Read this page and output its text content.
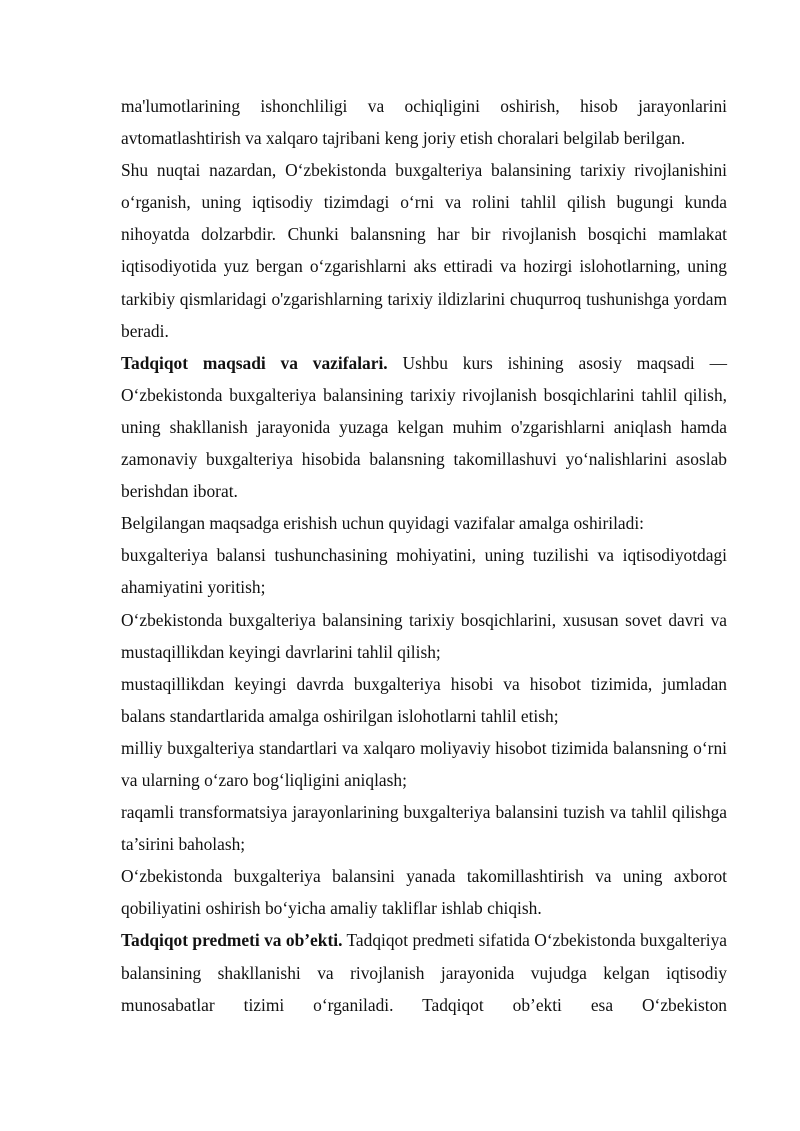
ma'lumotlarining ishonchliligi va ochiqligini oshirish, hisob jarayonlarini avtomatlashtirish va xalqaro tajribani keng joriy etish choralari belgilab berilgan.

Shu nuqtai nazardan, O‘zbekistonda buxgalteriya balansining tarixiy rivojlanishini o‘rganish, uning iqtisodiy tizimdagi o‘rni va rolini tahlil qilish bugungi kunda nihoyatda dolzarbdir. Chunki balansning har bir rivojlanish bosqichi mamlakat iqtisodiyotida yuz bergan o‘zgarishlarni aks ettiradi va hozirgi islohotlarning, uning tarkibiy qismlaridagi o'zgarishlarning tarixiy ildizlarini chuqurroq tushunishga yordam beradi.

Tadqiqot maqsadi va vazifalari. Ushbu kurs ishining asosiy maqsadi — O‘zbekistonda buxgalteriya balansining tarixiy rivojlanish bosqichlarini tahlil qilish, uning shakllanish jarayonida yuzaga kelgan muhim o'zgarishlarni aniqlash hamda zamonaviy buxgalteriya hisobida balansning takomillashuvi yo‘nalishlarini asoslab berishdan iborat.

Belgilangan maqsadga erishish uchun quyidagi vazifalar amalga oshiriladi:

buxgalteriya balansi tushunchasining mohiyatini, uning tuzilishi va iqtisodiyotdagi ahamiyatini yoritish;

O‘zbekistonda buxgalteriya balansining tarixiy bosqichlarini, xususan sovet davri va mustaqillikdan keyingi davrlarini tahlil qilish;

mustaqillikdan keyingi davrda buxgalteriya hisobi va hisobot tizimida, jumladan balans standartlarida amalga oshirilgan islohotlarni tahlil etish;

milliy buxgalteriya standartlari va xalqaro moliyaviy hisobot tizimida balansning o‘rni va ularning o‘zaro bog‘liqligini aniqlash;

raqamli transformatsiya jarayonlarining buxgalteriya balansini tuzish va tahlil qilishga ta’sirini baholash;

O‘zbekistonda buxgalteriya balansini yanada takomillashtirish va uning axborot qobiliyatini oshirish bo‘yicha amaliy takliflar ishlab chiqish.

Tadqiqot predmeti va ob’ekti. Tadqiqot predmeti sifatida O‘zbekistonda buxgalteriya balansining shakllanishi va rivojlanish jarayonida vujudga kelgan iqtisodiy munosabatlar tizimi o‘rganiladi. Tadqiqot ob’ekti esa O‘zbekiston
